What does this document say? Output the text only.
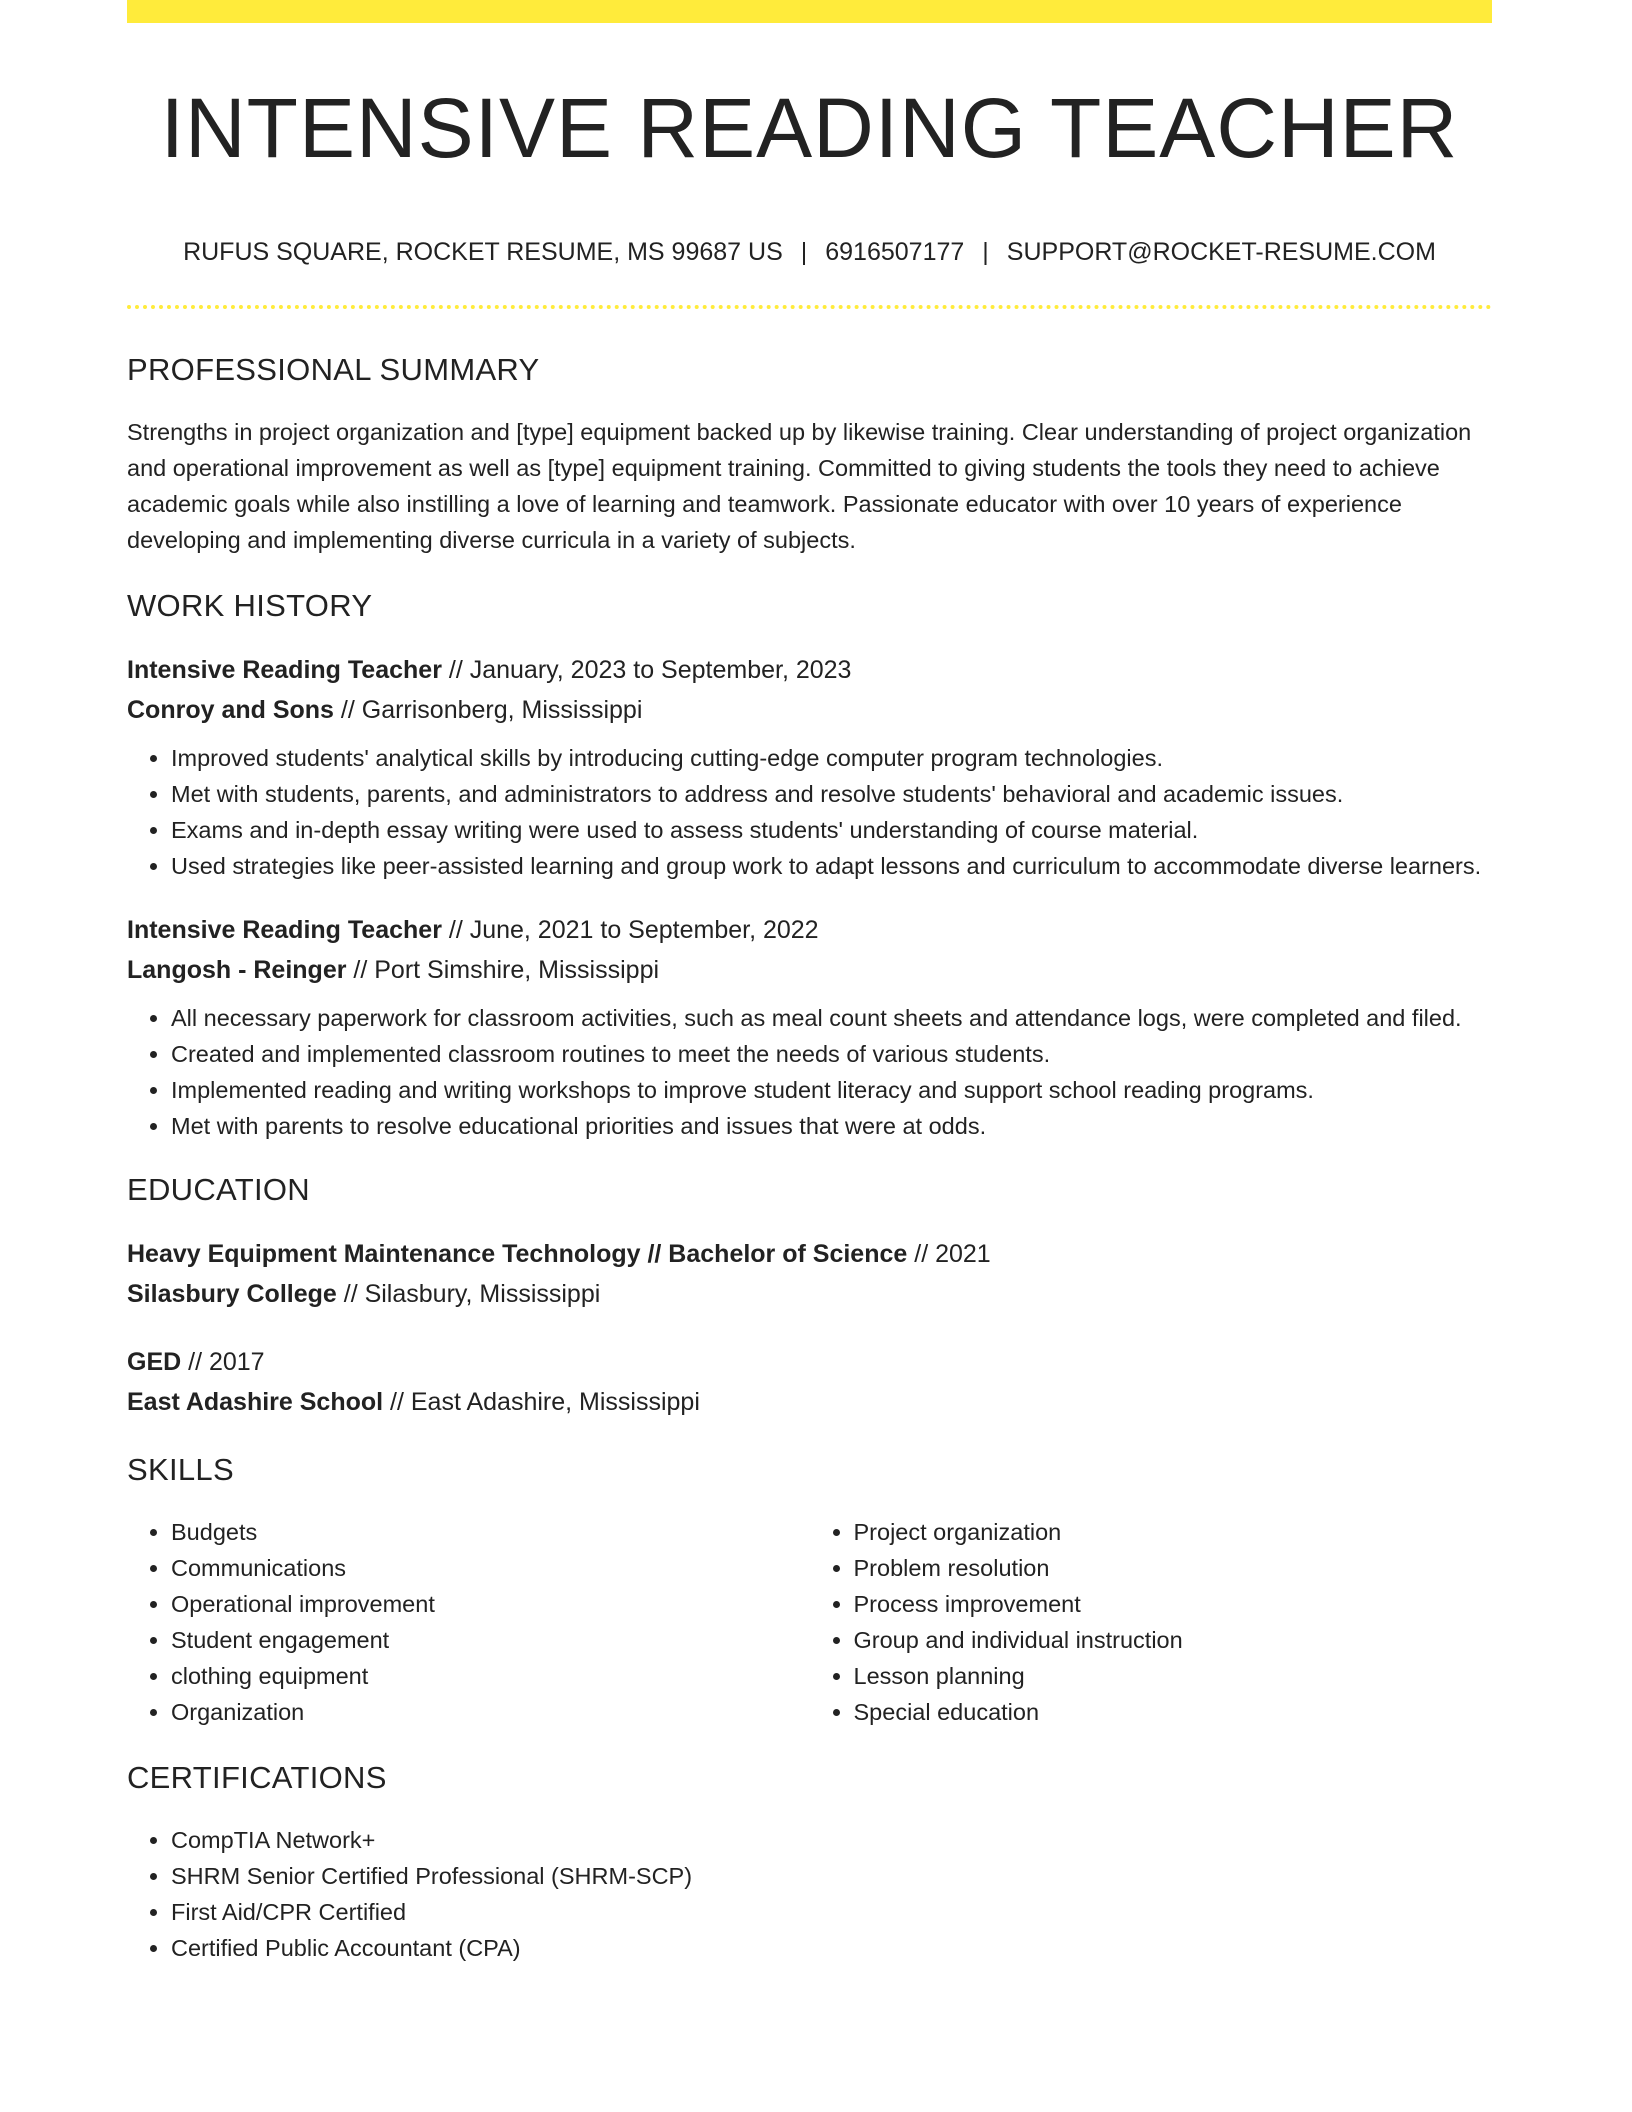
INTENSIVE READING TEACHER
RUFUS SQUARE, ROCKET RESUME, MS 99687 US | 6916507177 | SUPPORT@ROCKET-RESUME.COM
PROFESSIONAL SUMMARY

Strengths in project organization and [type] equipment backed up by likewise training. Clear understanding of project organization and operational improvement as well as [type] equipment training. Committed to giving students the tools they need to achieve academic goals while also instilling a love of learning and teamwork. Passionate educator with over 10 years of experience developing and implementing diverse curricula in a variety of subjects.

WORK HISTORY

Intensive Reading Teacher // January, 2023 to September, 2023

Conroy and Sons // Garrisonberg, Mississippi

• Improved students' analytical skills by introducing cutting-edge computer program technologies.
• Met with students, parents, and administrators to address and resolve students' behavioral and academic issues.
• Exams and in-depth essay writing were used to assess students' understanding of course material.
• Used strategies like peer-assisted learning and group work to adapt lessons and curriculum to accommodate diverse learners.

Intensive Reading Teacher // June, 2021 to September, 2022

Langosh - Reinger // Port Simshire, Mississippi

• All necessary paperwork for classroom activities, such as meal count sheets and attendance logs, were completed and filed.
• Created and implemented classroom routines to meet the needs of various students.
• Implemented reading and writing workshops to improve student literacy and support school reading programs.
• Met with parents to resolve educational priorities and issues that were at odds.
EDUCATION

Heavy Equipment Maintenance Technology // Bachelor of Science // 2021

Silasbury College // Silasbury, Mississippi

GED // 2017

East Adashire School // East Adashire, Mississippi

SKILLS
• Budgets
• Communications
• Operational improvement
• Student engagement
• clothing equipment
• Organization
• Project organization
• Problem resolution
• Process improvement
• Group and individual instruction
• Lesson planning
• Special education
CERTIFICATIONS
• CompTIA Network+
• SHRM Senior Certified Professional (SHRM-SCP)
• First Aid/CPR Certified
• Certified Public Accountant (CPA)
